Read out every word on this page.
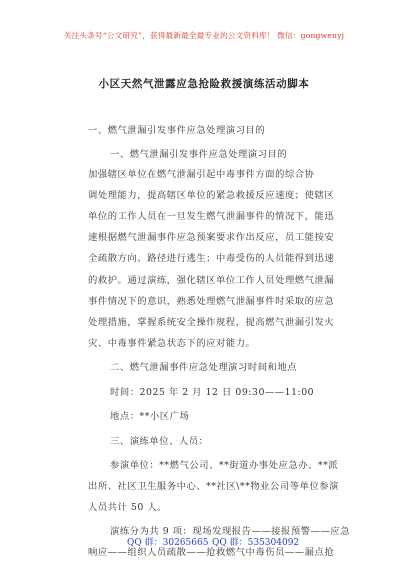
关注头条号“公文研究”，获得最新最全最专业的公文资料库！ 微信：gongwenyj
小区天然气泄露应急抢险救援演练活动脚本
一、燃气泄漏引发事件应急处理演习目的
一、燃气泄漏引发事件应急处理演习目的
加强辖区单位在燃气泄漏引起中毒事件方面的综合协
调处理能力，提高辖区单位的紧急救援反应速度；使辖区
单位的工作人员在一旦发生燃气泄漏事件的情况下，能迅
速根据燃气泄漏事件应急预案要求作出反应，员工能按安
全疏散方向、路径进行逃生；中毒受伤的人员能得到迅速
的救护。通过演练，强化辖区单位工作人员处理燃气泄漏
事件情况下的意识，熟悉处理燃气泄漏事件时采取的应急
处理措施，掌握系统安全操作规程，提高燃气泄漏引发火
灾、中毒事件紧急状态下的应对能力。
二、燃气泄漏事件应急处理演习时间和地点
时间：2025 年 2 月 12 日 09:30——11:00
地点：**小区广场
三、演练单位、人员：
参演单位：**燃气公司、**街道办事处应急办、**派
出所、社区卫生服务中心、**社区\**物业公司等单位参演
人员共计 50 人。
演练分为共 9 项：现场发现报告——接报预警——应急
响应——组织人员疏散——抢救燃气中毒伤员——漏点抢
QQ 群：30265665 QQ 群：535304092
